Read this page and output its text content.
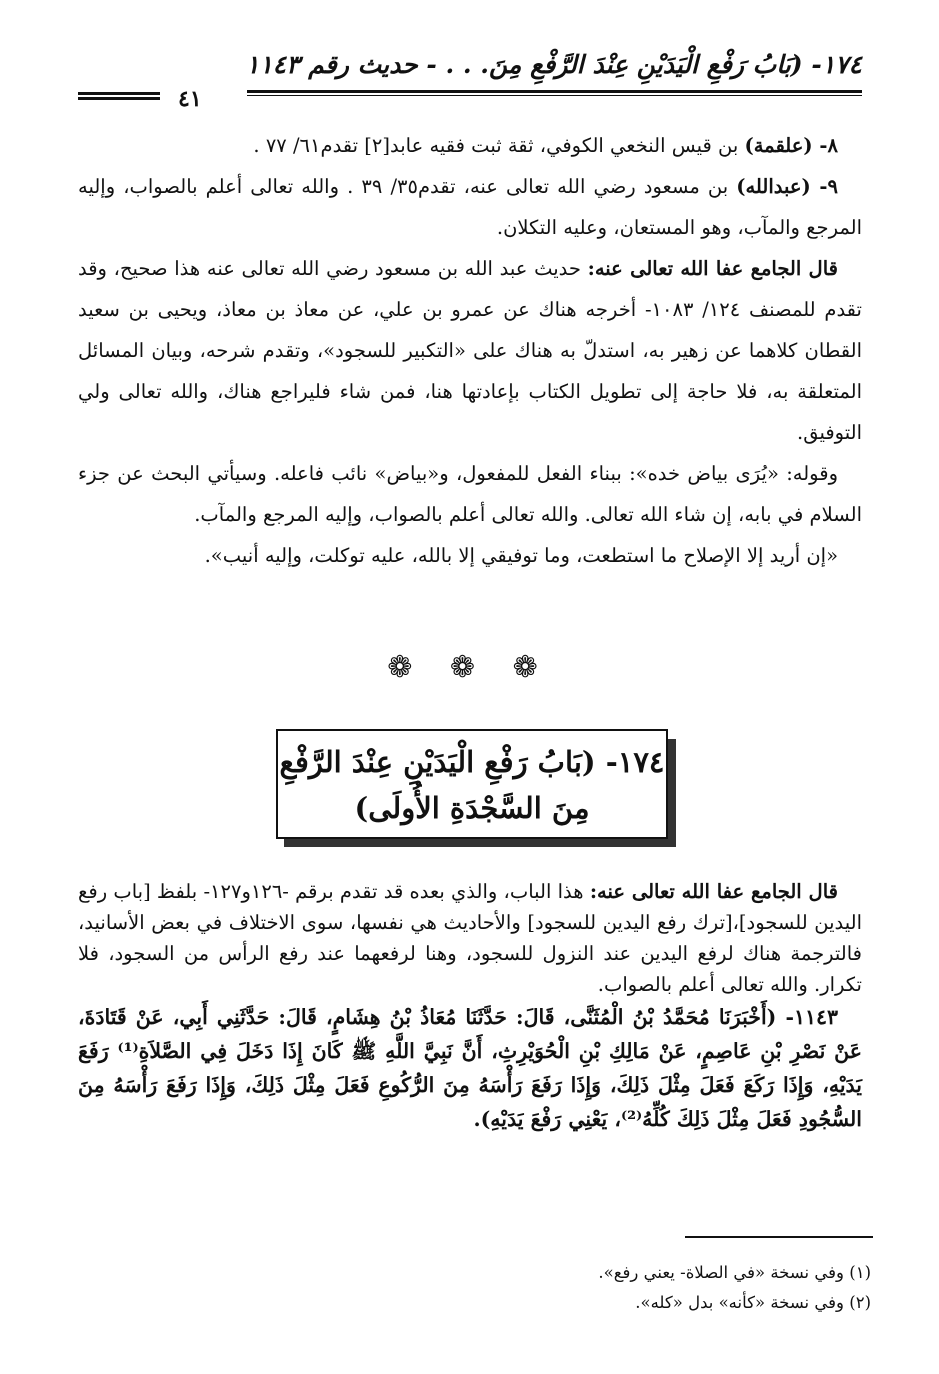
١٧٤- (بَابُ رَفْعِ الْيَدَيْنِ عِنْدَ الرَّفْعِ مِنَ. . . - حديث رقم ١١٤٣
٤١

٨- (علقمة) بن قيس النخعي الكوفي، ثقة ثبت فقيه عابد[٢] تقدم٦١/ ٧٧ .

٩- (عبدالله) بن مسعود رضي الله تعالى عنه، تقدم٣٥/ ٣٩ . والله تعالى أعلم بالصواب، وإليه المرجع والمآب، وهو المستعان، وعليه التكلان.

قال الجامع عفا الله تعالى عنه: حديث عبد الله بن مسعود رضي الله تعالى عنه هذا صحيح، وقد تقدم للمصنف ١٢٤/ ١٠٨٣- أخرجه هناك عن عمرو بن علي، عن معاذ بن معاذ، ويحيى بن سعيد القطان كلاهما عن زهير به، استدلّ به هناك على «التكبير للسجود»، وتقدم شرحه، وبيان المسائل المتعلقة به، فلا حاجة إلى تطويل الكتاب بإعادتها هنا، فمن شاء فليراجع هناك، والله تعالى ولي التوفيق.

وقوله: «يُرَى بياض خده»: ببناء الفعل للمفعول، و«بياض» نائب فاعله. وسيأتي البحث عن جزء السلام في بابه، إن شاء الله تعالى. والله تعالى أعلم بالصواب، وإليه المرجع والمآب.

«إن أريد إلا الإصلاح ما استطعت، وما توفيقي إلا بالله، عليه توكلت، وإليه أنيب».

❁ ❁ ❁
١٧٤- (بَابُ رَفْعِ الْيَدَيْنِ عِنْدَ الرَّفْعِ
مِنَ السَّجْدَةِ الأُولَى)

قال الجامع عفا الله تعالى عنه: هذا الباب، والذي بعده قد تقدم برقم -١٢٦و١٢٧- بلفظ [باب رفع اليدين للسجود]،[ترك رفع اليدين للسجود] والأحاديث هي نفسها، سوى الاختلاف في بعض الأسانيد، فالترجمة هناك لرفع اليدين عند النزول للسجود، وهنا لرفعهما عند رفع الرأس من السجود، فلا تكرار. والله تعالى أعلم بالصواب.

١١٤٣- (أَخْبَرَنَا مُحَمَّدُ بْنُ الْمُثَنَّى، قَالَ: حَدَّثَنَا مُعَاذُ بْنُ هِشَامٍ، قَالَ: حَدَّثَنِي أَبِي، عَنْ قَتَادَةَ، عَنْ نَصْرِ بْنِ عَاصِمٍ، عَنْ مَالِكِ بْنِ الْحُوَيْرِثِ، أَنَّ نَبِيَّ اللَّهِ ﷺ كَانَ إِذَا دَخَلَ فِي الصَّلاَةِ⁽¹⁾ رَفَعَ يَدَيْهِ، وَإِذَا رَكَعَ فَعَلَ مِثْلَ ذَلِكَ، وَإِذَا رَفَعَ رَأْسَهُ مِنَ الرُّكُوعِ فَعَلَ مِثْلَ ذَلِكَ، وَإِذَا رَفَعَ رَأْسَهُ مِنَ السُّجُودِ فَعَلَ مِثْلَ ذَلِكَ كُلِّهُ⁽²⁾، يَعْنِي رَفْعَ يَدَيْهِ).

(١) وفي نسخة «في الصلاة- يعني رفع».
(٢) وفي نسخة «كأنه» بدل «كله».
